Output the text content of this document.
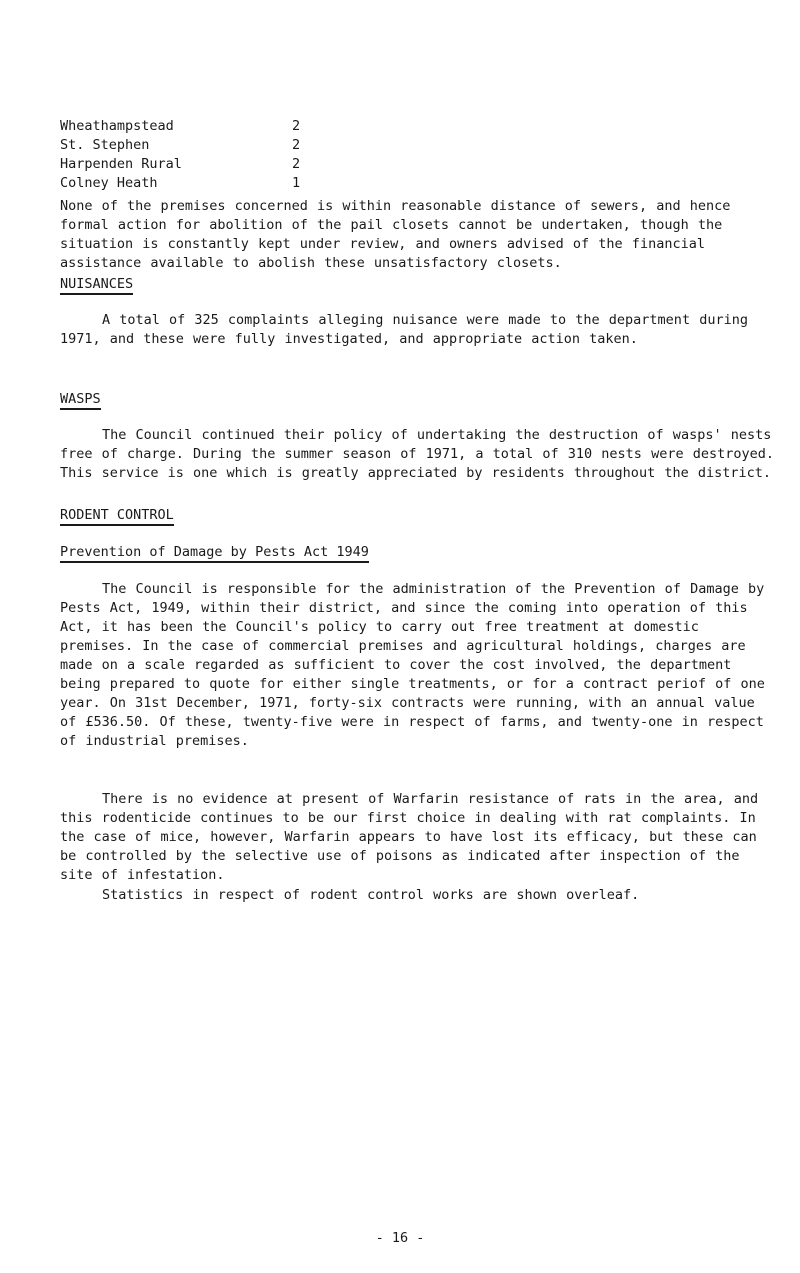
Wheathampstead	2
St. Stephen	2
Harpenden Rural	2
Colney Heath	1

None of the premises concerned is within reasonable distance of sewers, and hence formal action for abolition of the pail closets cannot be undertaken, though the situation is constantly kept under review, and owners advised of the financial assistance available to abolish these unsatisfactory closets.

NUISANCES

A total of 325 complaints alleging nuisance were made to the department during 1971, and these were fully investigated, and appropriate action taken.

WASPS

The Council continued their policy of undertaking the destruction of wasps' nests free of charge. During the summer season of 1971, a total of 310 nests were destroyed. This service is one which is greatly appreciated by residents throughout the district.

RODENT CONTROL

Prevention of Damage by Pests Act 1949

The Council is responsible for the administration of the Prevention of Damage by Pests Act, 1949, within their district, and since the coming into operation of this Act, it has been the Council's policy to carry out free treatment at domestic premises. In the case of commercial premises and agricultural holdings, charges are made on a scale regarded as sufficient to cover the cost involved, the department being prepared to quote for either single treatments, or for a contract periof of one year. On 31st December, 1971, forty-six contracts were running, with an annual value of £536.50. Of these, twenty-five were in respect of farms, and twenty-one in respect of industrial premises.

There is no evidence at present of Warfarin resistance of rats in the area, and this rodenticide continues to be our first choice in dealing with rat complaints. In the case of mice, however, Warfarin appears to have lost its efficacy, but these can be controlled by the selective use of poisons as indicated after inspection of the site of infestation.

Statistics in respect of rodent control works are shown overleaf.

- 16 -
